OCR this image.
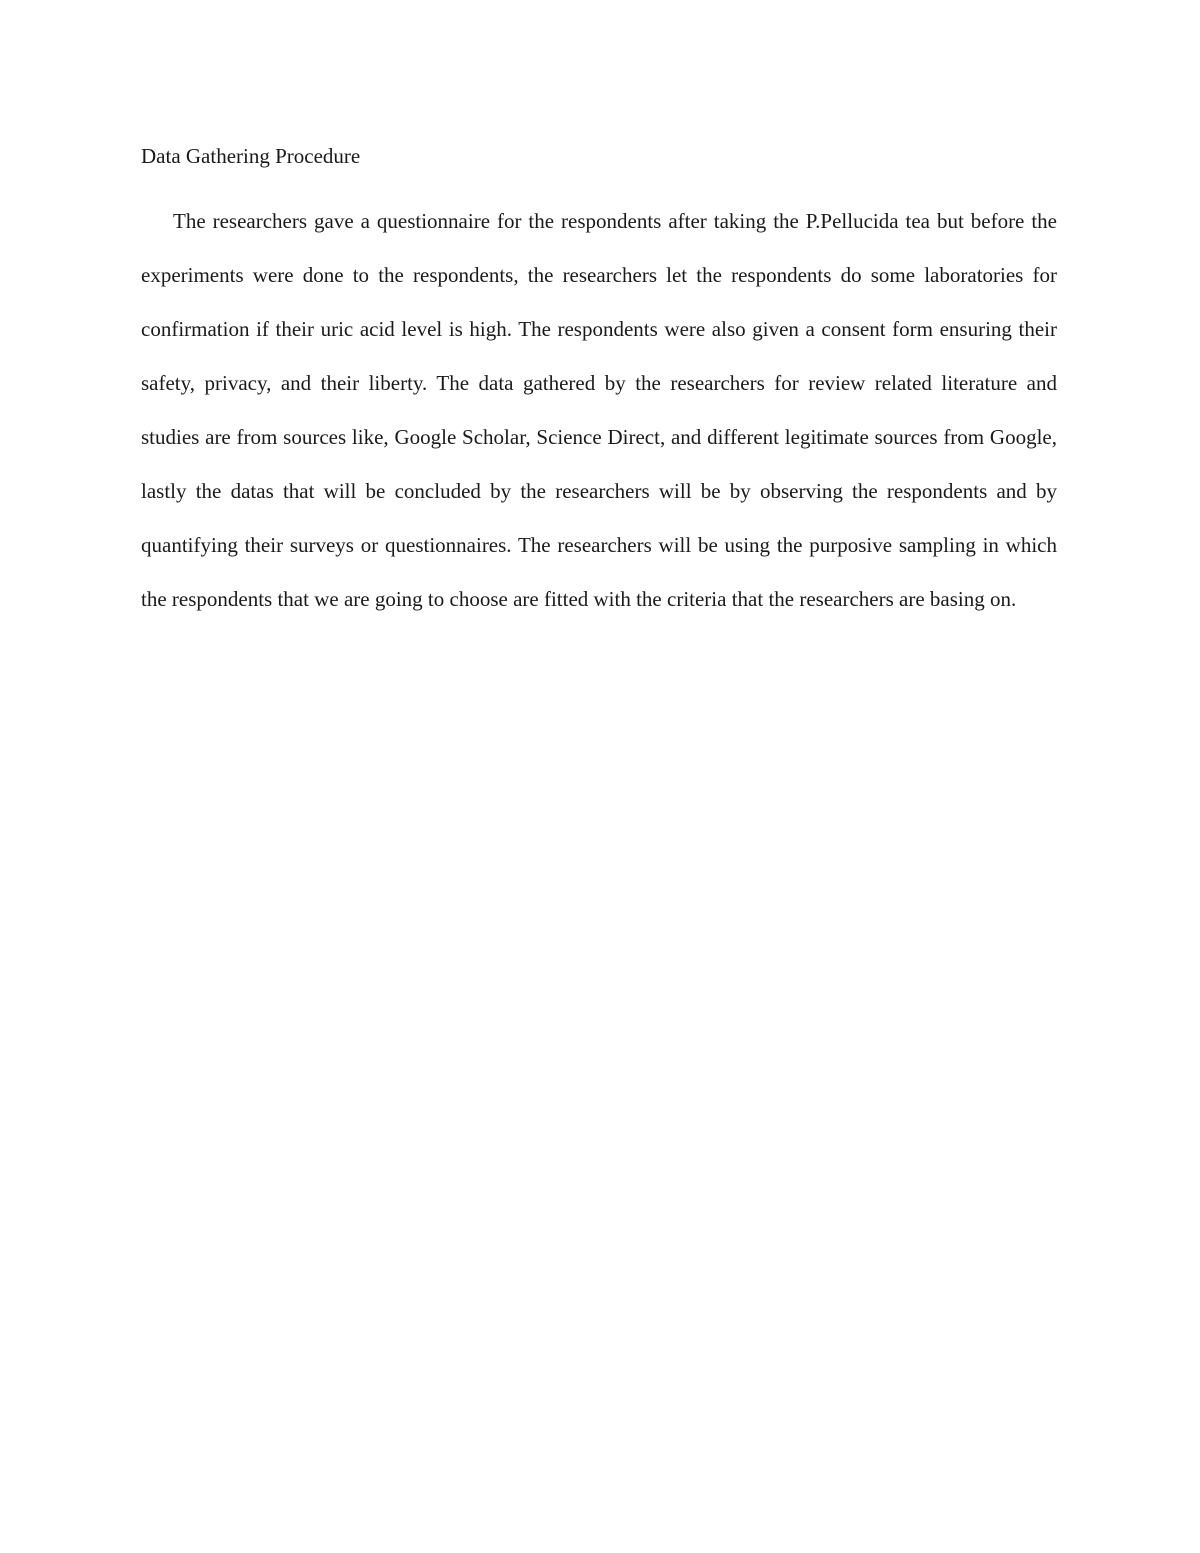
Data Gathering Procedure

The researchers gave a questionnaire for the respondents after taking the P.Pellucida tea but before the experiments were done to the respondents, the researchers let the respondents do some laboratories for confirmation if their uric acid level is high. The respondents were also given a consent form ensuring their safety, privacy, and their liberty. The data gathered by the researchers for review related literature and studies are from sources like, Google Scholar, Science Direct, and different legitimate sources from Google, lastly the datas that will be concluded by the researchers will be by observing the respondents and by quantifying their surveys or questionnaires. The researchers will be using the purposive sampling in which the respondents that we are going to choose are fitted with the criteria that the researchers are basing on.
